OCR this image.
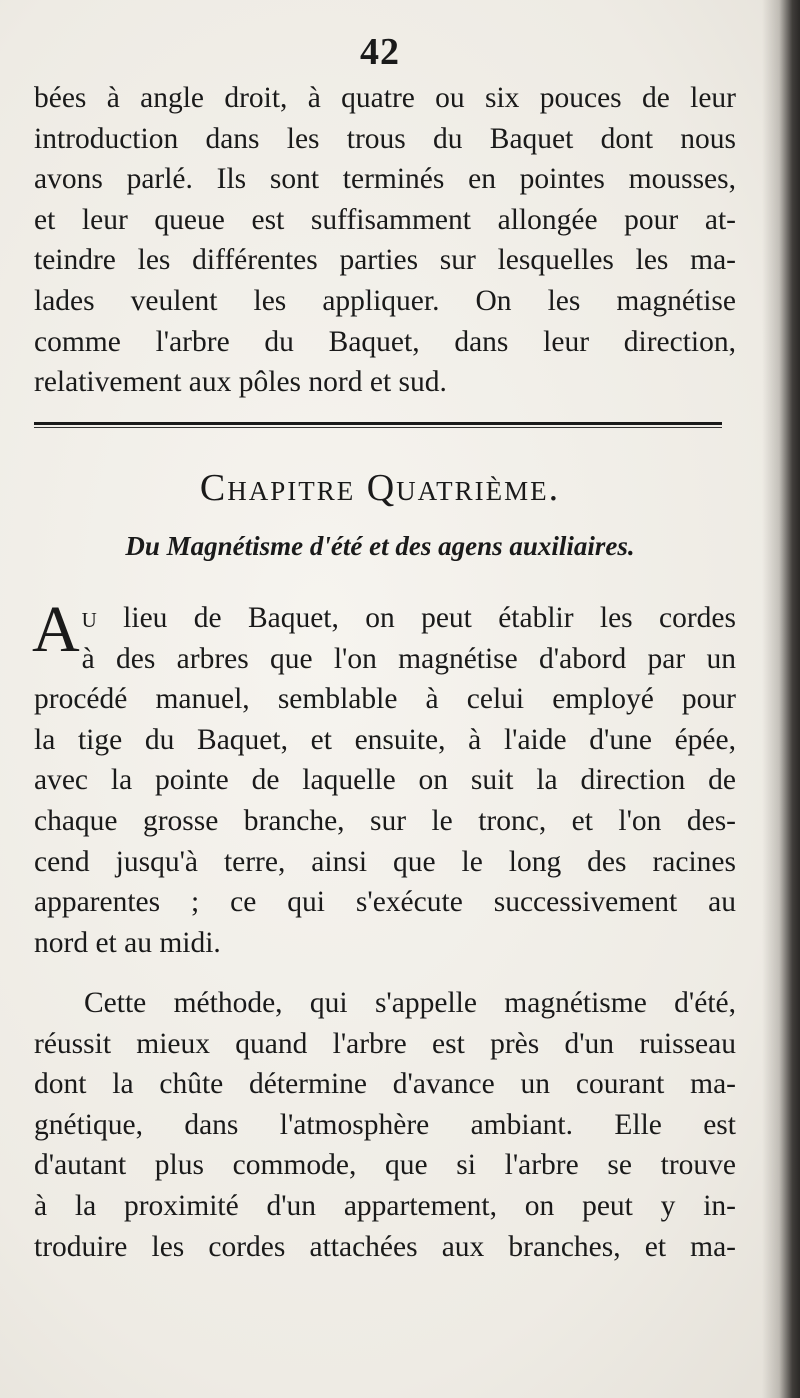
42
bées à angle droit, à quatre ou six pouces de leur
introduction dans les trous du Baquet dont nous
avons parlé. Ils sont terminés en pointes mousses,
et leur queue est suffisamment allongée pour at-
teindre les différentes parties sur lesquelles les ma-
lades veulent les appliquer. On les magnétise
comme l'arbre du Baquet, dans leur direction,
relativement aux pôles nord et sud.
Chapitre Quatrième.
Du Magnétisme d'été et des agens auxiliaires.
A u lieu de Baquet, on peut établir les cordes
à des arbres que l'on magnétise d'abord par un
procédé manuel, semblable à celui employé pour
la tige du Baquet, et ensuite, à l'aide d'une épée,
avec la pointe de laquelle on suit la direction de
chaque grosse branche, sur le tronc, et l'on des-
cend jusqu'à terre, ainsi que le long des racines
apparentes ; ce qui s'exécute successivement au
nord et au midi.
Cette méthode, qui s'appelle magnétisme d'été,
réussit mieux quand l'arbre est près d'un ruisseau
dont la chûte détermine d'avance un courant ma-
gnétique, dans l'atmosphère ambiant. Elle est
d'autant plus commode, que si l'arbre se trouve
à la proximité d'un appartement, on peut y in-
troduire les cordes attachées aux branches, et ma-
